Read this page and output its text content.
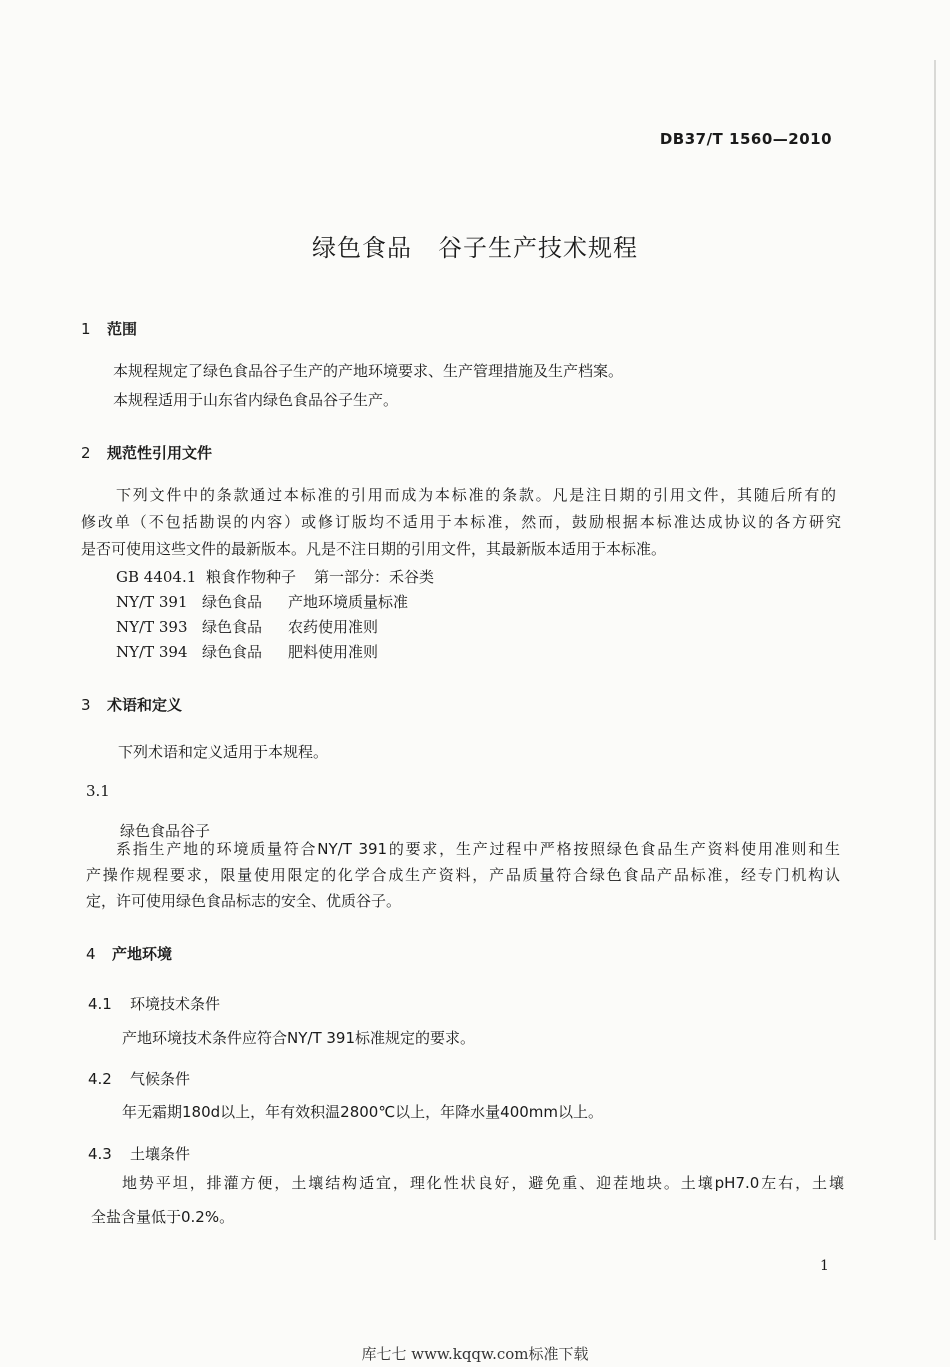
DB37/T 1560—2010
绿色食品 谷子生产技术规程
1 范围
本规程规定了绿色食品谷子生产的产地环境要求、生产管理措施及生产档案。
本规程适用于山东省内绿色食品谷子生产。
2 规范性引用文件
下列文件中的条款通过本标准的引用而成为本标准的条款。凡是注日期的引用文件，其随后所有的
修改单（不包括勘误的内容）或修订版均不适用于本标准，然而，鼓励根据本标准达成协议的各方研究
是否可使用这些文件的最新版本。凡是不注日期的引用文件，其最新版本适用于本标准。
GB 4404.1 粮食作物种子 第一部分：禾谷类
NY/T 391 绿色食品 产地环境质量标准
NY/T 393 绿色食品 农药使用准则
NY/T 394 绿色食品 肥料使用准则
3 术语和定义
下列术语和定义适用于本规程。
3.1
绿色食品谷子
系指生产地的环境质量符合NY/T 391的要求，生产过程中严格按照绿色食品生产资料使用准则和生
产操作规程要求，限量使用限定的化学合成生产资料，产品质量符合绿色食品产品标准，经专门机构认
定，许可使用绿色食品标志的安全、优质谷子。
4 产地环境
4.1 环境技术条件
产地环境技术条件应符合NY/T 391标准规定的要求。
4.2 气候条件
年无霜期180d以上，年有效积温2800℃以上，年降水量400mm以上。
4.3 土壤条件
地势平坦，排灌方便，土壤结构适宜，理化性状良好，避免重、迎茬地块。土壤pH7.0左右，土壤
全盐含量低于0.2%。
1
库七七 www.kqqw.com标准下载
